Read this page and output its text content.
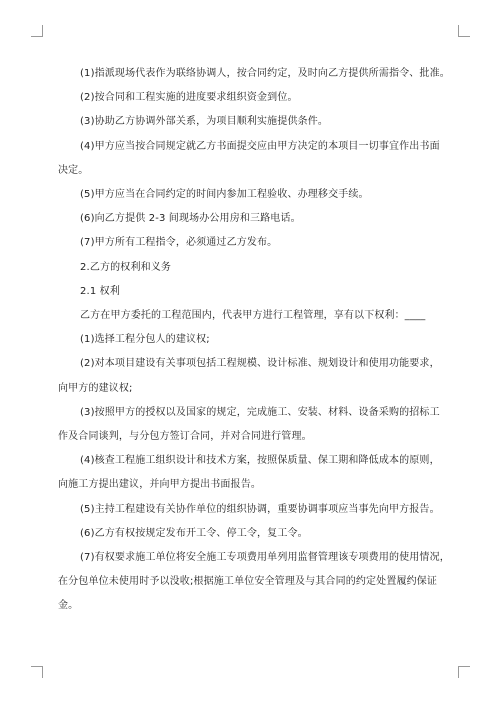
(1)指派现场代表作为联络协调人，按合同约定，及时向乙方提供所需指令、批准。

(2)按合同和工程实施的进度要求组织资金到位。

(3)协助乙方协调外部关系，为项目顺利实施提供条件。

(4)甲方应当按合同规定就乙方书面提交应由甲方决定的本项目一切事宜作出书面
决定。

(5)甲方应当在合同约定的时间内参加工程验收、办理移交手续。

(6)向乙方提供 2-3 间现场办公用房和三路电话。

(7)甲方所有工程指令，必须通过乙方发布。

2.乙方的权利和义务

2.1 权利

乙方在甲方委托的工程范围内，代表甲方进行工程管理，享有以下权利：____

(1)选择工程分包人的建议权;

(2)对本项目建设有关事项包括工程规模、设计标准、规划设计和使用功能要求，
向甲方的建议权;

(3)按照甲方的授权以及国家的规定，完成施工、安装、材料、设备采购的招标工
作及合同谈判，与分包方签订合同，并对合同进行管理。

(4)核查工程施工组织设计和技术方案，按照保质量、保工期和降低成本的原则，
向施工方提出建议，并向甲方提出书面报告。

(5)主持工程建设有关协作单位的组织协调，重要协调事项应当事先向甲方报告。

(6)乙方有权按规定发布开工令、停工令，复工令。

(7)有权要求施工单位将安全施工专项费用单列用监督管理该专项费用的使用情况，
在分包单位未使用时予以没收;根据施工单位安全管理及与其合同的约定处置履约保证
金。
